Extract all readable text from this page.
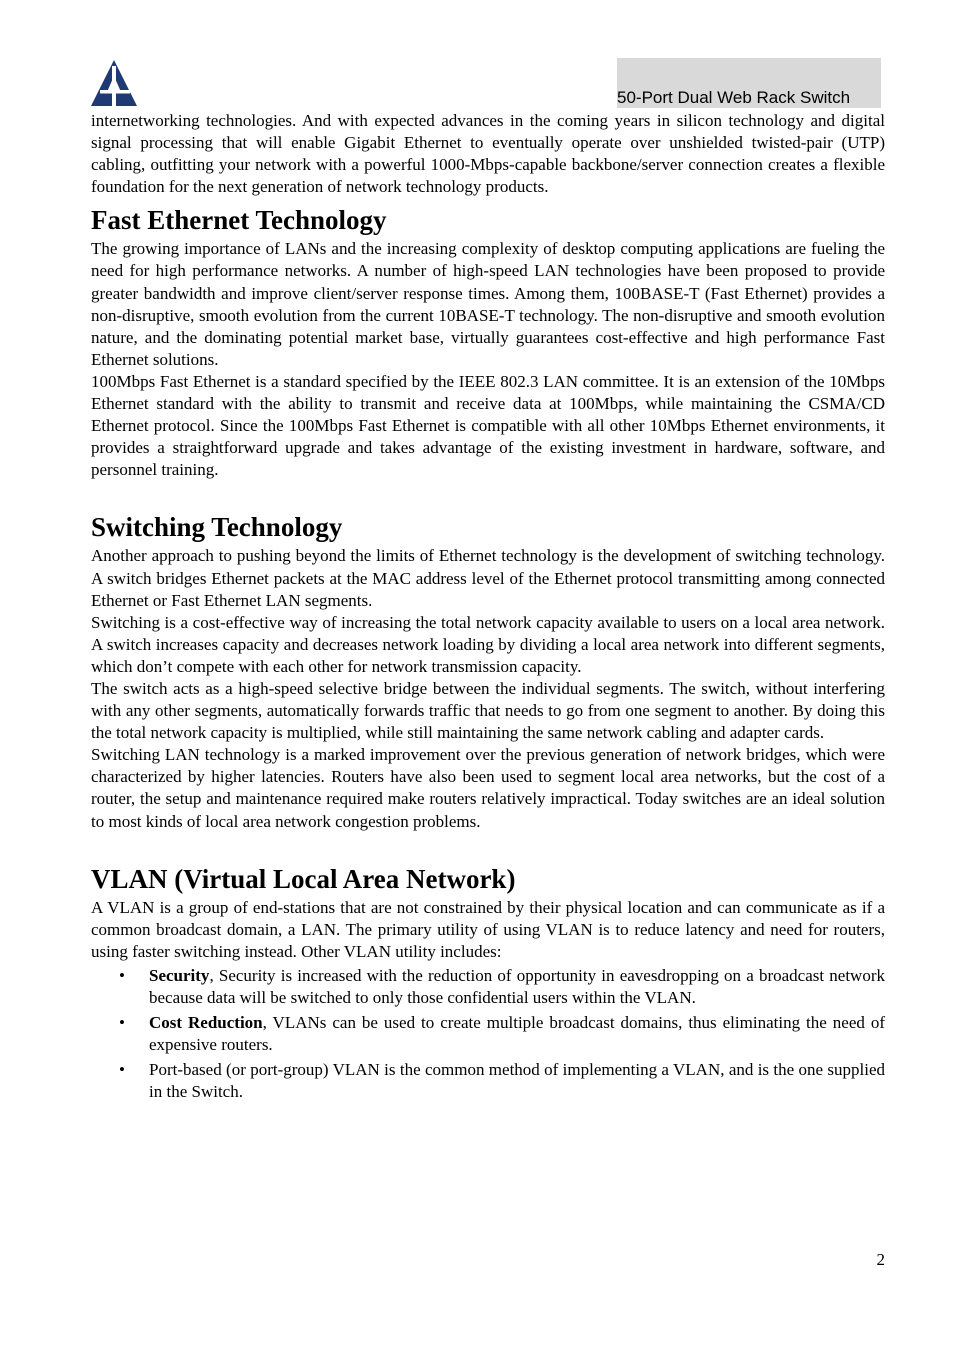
50-Port Dual Web Rack Switch

internetworking technologies. And with expected advances in the coming years in silicon technology and digital signal processing that will enable Gigabit Ethernet to eventually operate over unshielded twisted-pair (UTP) cabling, outfitting your network with a powerful 1000-Mbps-capable backbone/server connection creates a flexible foundation for the next generation of network technology products.

Fast Ethernet Technology

The growing importance of LANs and the increasing complexity of desktop computing applications are fueling the need for high performance networks. A number of high-speed LAN technologies have been proposed to provide greater bandwidth and improve client/server response times. Among them, 100BASE-T (Fast Ethernet) provides a non-disruptive, smooth evolution from the current 10BASE-T technology. The non-disruptive and smooth evolution nature, and the dominating potential market base, virtually guarantees cost-effective and high performance Fast Ethernet solutions.

100Mbps Fast Ethernet is a standard specified by the IEEE 802.3 LAN committee. It is an extension of the 10Mbps Ethernet standard with the ability to transmit and receive data at 100Mbps, while maintaining the CSMA/CD Ethernet protocol. Since the 100Mbps Fast Ethernet is compatible with all other 10Mbps Ethernet environments, it provides a straightforward upgrade and takes advantage of the existing investment in hardware, software, and personnel training.

Switching Technology

Another approach to pushing beyond the limits of Ethernet technology is the development of switching technology. A switch bridges Ethernet packets at the MAC address level of the Ethernet protocol transmitting among connected Ethernet or Fast Ethernet LAN segments.

Switching is a cost-effective way of increasing the total network capacity available to users on a local area network. A switch increases capacity and decreases network loading by dividing a local area network into different segments, which don’t compete with each other for network transmission capacity.

The switch acts as a high-speed selective bridge between the individual segments. The switch, without interfering with any other segments, automatically forwards traffic that needs to go from one segment to another. By doing this the total network capacity is multiplied, while still maintaining the same network cabling and adapter cards.

Switching LAN technology is a marked improvement over the previous generation of network bridges, which were characterized by higher latencies. Routers have also been used to segment local area networks, but the cost of a router, the setup and maintenance required make routers relatively impractical. Today switches are an ideal solution to most kinds of local area network congestion problems.

VLAN (Virtual Local Area Network)

A VLAN is a group of end-stations that are not constrained by their physical location and can communicate as if a common broadcast domain, a LAN. The primary utility of using VLAN is to reduce latency and need for routers, using faster switching instead. Other VLAN utility includes:

• Security, Security is increased with the reduction of opportunity in eavesdropping on a broadcast network because data will be switched to only those confidential users within the VLAN.
• Cost Reduction, VLANs can be used to create multiple broadcast domains, thus eliminating the need of expensive routers.
• Port-based (or port-group) VLAN is the common method of implementing a VLAN, and is the one supplied in the Switch.
2
